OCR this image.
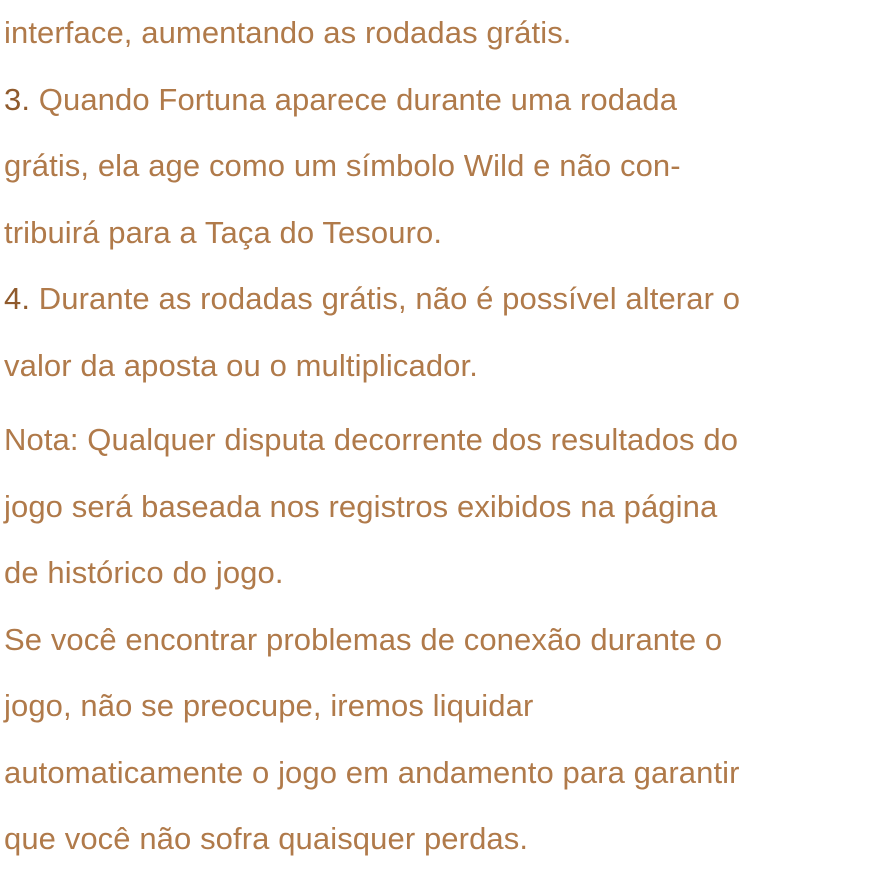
interface, aumentando as rodadas grátis.
3. Quando Fortuna aparece durante uma rodada
grátis, ela age como um símbolo Wild e não con-
tribuirá para a Taça do Tesouro.
4. Durante as rodadas grátis, não é possível alterar o
valor da aposta ou o multiplicador.
Nota: Qualquer disputa decorrente dos resultados do
jogo será baseada nos registros exibidos na página
de histórico do jogo.
Se você encontrar problemas de conexão durante o
jogo, não se preocupe, iremos liquidar
automaticamente o jogo em andamento para garantir
que você não sofra quaisquer perdas.
